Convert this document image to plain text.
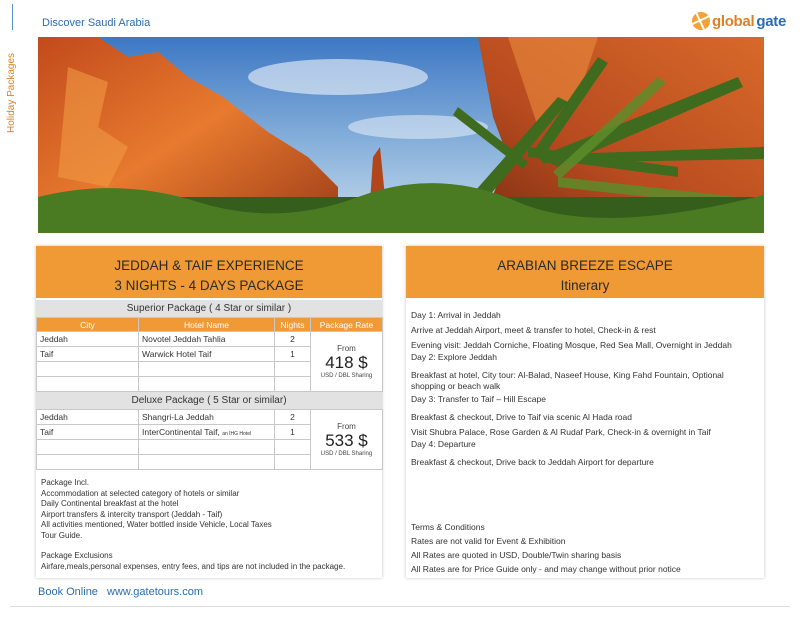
Discover Saudi Arabia	global gate
Holiday Packages
JEDDAH & TAIF EXPERIENCE
3 NIGHTS - 4 DAYS PACKAGE
Superior Package ( 4 Star or similar )
City	Hotel Name	Nights	Package Rate
Jeddah	Novotel Jeddah Tahlia	2	From
418 $
USD / DBL Sharing

Taif	Warwick Hotel Taif	1	

Deluxe Package ( 5 Star or similar)
Jeddah	Shangri-La Jeddah	2	From
533 $
USD / DBL Sharing

Taif	InterContinental Taif, an IHG Hotel	1	

Package Incl.
Accommodation at selected category of hotels or similar
Daily Continental breakfast at the hotel
Airport transfers & intercity transport (Jeddah - Taif)
All activities mentioned, Water bottled inside Vehicle, Local Taxes
Tour Guide.
Package Exclusions
Airfare,meals,personal expenses, entry fees, and tips are not included in the package.
ARABIAN BREEZE ESCAPE
Itinerary
Day 1: Arrival in Jeddah
Arrive at Jeddah Airport, meet & transfer to hotel, Check-in & rest
Evening visit: Jeddah Corniche, Floating Mosque, Red Sea Mall, Overnight in Jeddah
Day 2: Explore Jeddah
Breakfast at hotel, City tour: Al-Balad, Naseef House, King Fahd Fountain, Optional shopping or beach walk
Day 3: Transfer to Taif – Hill Escape
Breakfast & checkout, Drive to Taif via scenic Al Hada road
Visit Shubra Palace, Rose Garden & Al Rudaf Park, Check-in & overnight in Taif
Day 4: Departure
Breakfast & checkout, Drive back to Jeddah Airport for departure
Terms & Conditions
Rates are not valid for Event & Exhibition
All Rates are quoted in USD, Double/Twin sharing basis
All Rates are for Price Guide only - and may change without prior notice
Book Online www.gatetours.com
